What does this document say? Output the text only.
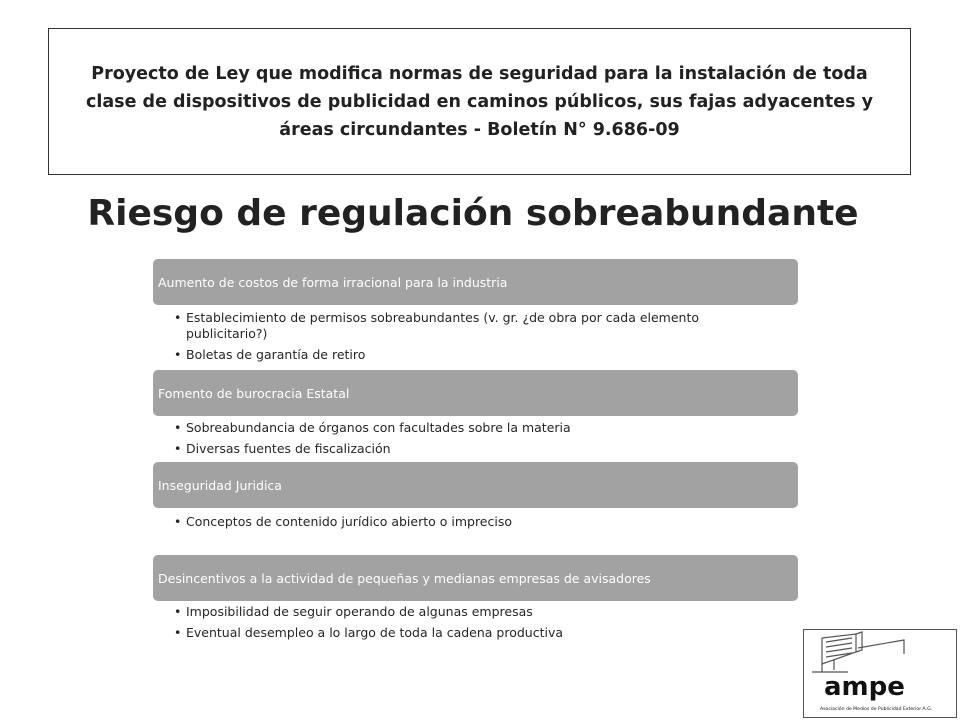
Proyecto de Ley que modifica normas de seguridad para la instalación de toda clase de dispositivos de publicidad en caminos públicos, sus fajas adyacentes y áreas circundantes - Boletín N° 9.686-09

Riesgo de regulación sobreabundante
Aumento de costos de forma irracional para la industria
• Establecimiento de permisos sobreabundantes (v. gr. ¿de obra por cada elemento publicitario?)
• Boletas de garantía de retiro
Fomento de burocracia Estatal
• Sobreabundancia de órganos con facultades sobre la materia
• Diversas fuentes de fiscalización
Inseguridad Juridica
• Conceptos de contenido jurídico abierto o impreciso
Desincentivos a la actividad de pequeñas y medianas empresas de avisadores
• Imposibilidad de seguir operando de algunas empresas
• Eventual desempleo a lo largo de toda la cadena productiva
ampe
Asociación de Medios de Publicidad Exterior A.G.
